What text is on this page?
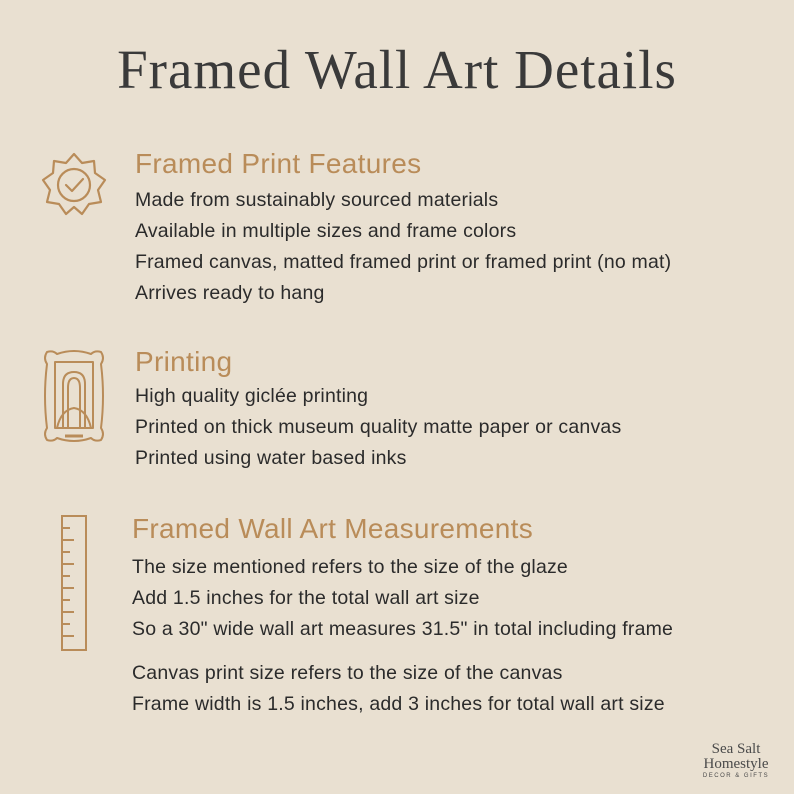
Framed Wall Art Details
Framed Print Features
Made from sustainably sourced materials
Available in multiple sizes and frame colors
Framed canvas, matted framed print or framed print (no mat)
Arrives ready to hang
Printing
High quality giclée printing
Printed on thick museum quality matte paper or canvas
Printed using water based inks
Framed Wall Art Measurements
The size mentioned refers to the size of the glaze
Add 1.5 inches for the total wall art size
So a 30" wide wall art measures 31.5" in total including frame
Canvas print size refers to the size of the canvas
Frame width is 1.5 inches, add 3 inches for total wall art size
Sea Salt
Homestyle
DECOR & GIFTS
